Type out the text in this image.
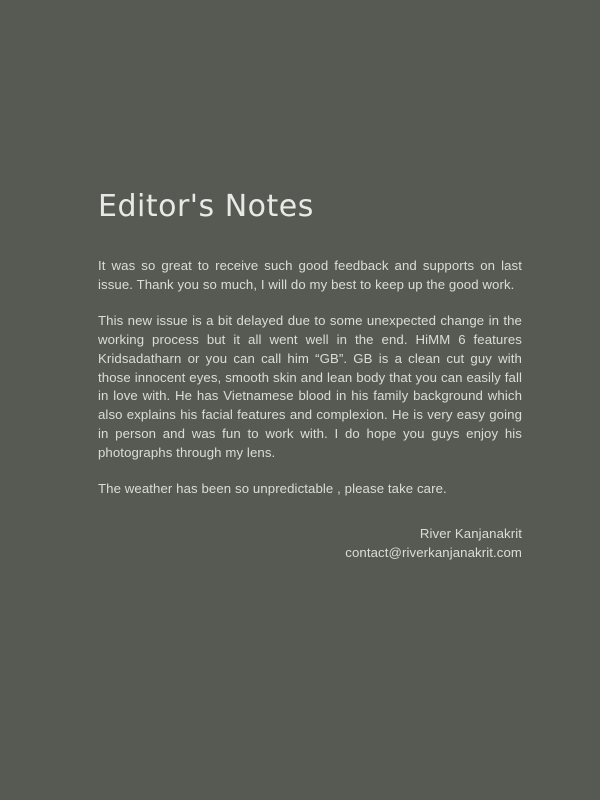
Editor's Notes

It was so great to receive such good feedback and supports on last issue. Thank you so much, I will do my best to keep up the good work.

This new issue is a bit delayed due to some unexpected change in the working process but it all went well in the end. HiMM 6 features Kridsadatharn or you can call him “GB”. GB is a clean cut guy with those innocent eyes, smooth skin and lean body that you can easily fall in love with. He has Vietnamese blood in his family background which also explains his facial features and complexion. He is very easy going in person and was fun to work with. I do hope you guys enjoy his photographs through my lens.

The weather has been so unpredictable , please take care.

River Kanjanakrit
contact@riverkanjanakrit.com
